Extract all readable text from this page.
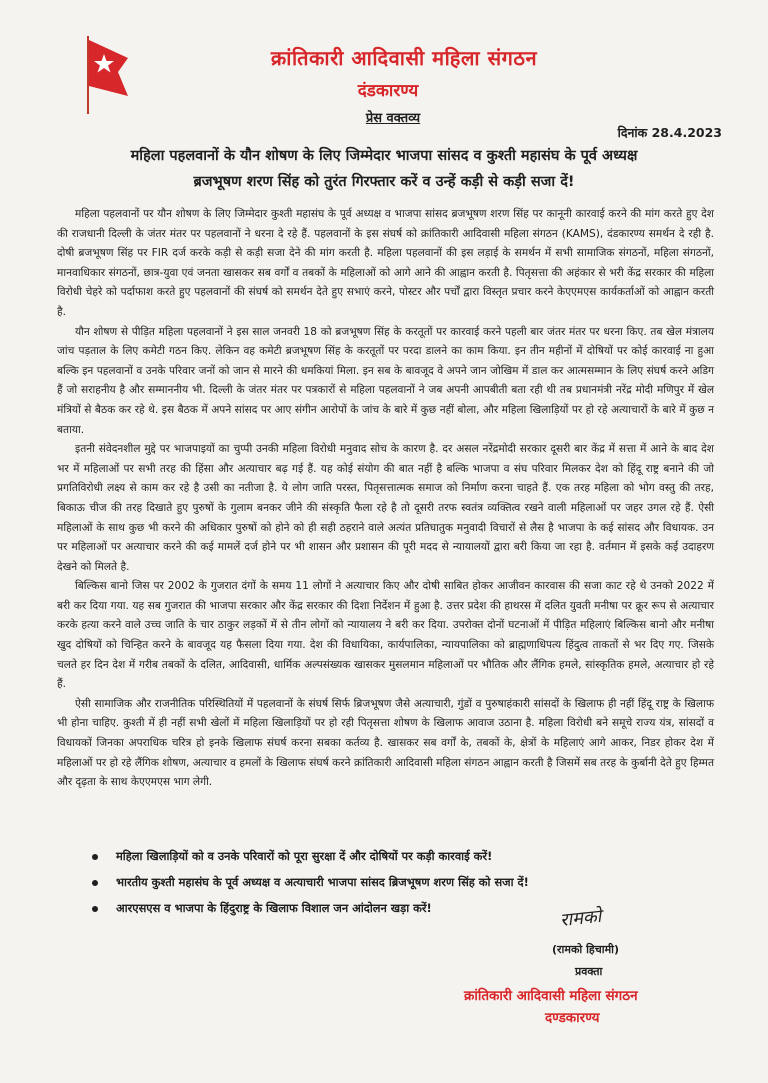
क्रांतिकारी आदिवासी महिला संगठन
दंडकारण्य
प्रेस वक्तव्य
दिनांक 28.4.2023
महिला पहलवानों के यौन शोषण के लिए जिम्मेदार भाजपा सांसद व कुश्ती महासंघ के पूर्व अध्यक्ष
ब्रजभूषण शरण सिंह को तुरंत गिरफ्तार करें व उन्हें कड़ी से कड़ी सजा दें!

महिला पहलवानों पर यौन शोषण के लिए जिम्मेदार कुश्ती महासंघ के पूर्व अध्यक्ष व भाजपा सांसद ब्रजभूषण शरण सिंह पर कानूनी कारवाई करने की मांग करते हुए देश की राजधानी दिल्ली के जंतर मंतर पर पहलवानों ने धरना दे रहे हैं. पहलवानों के इस संघर्ष को क्रांतिकारी आदिवासी महिला संगठन (KAMS), दंडकारण्य समर्थन दे रही है. दोषी ब्रजभूषण सिंह पर FIR दर्ज करके कड़ी से कड़ी सजा देने की मांग करती है. महिला पहलवानों की इस लड़ाई के समर्थन में सभी सामाजिक संगठनों, महिला संगठनों, मानवाधिकार संगठनों, छात्र-युवा एवं जनता खासकर सब वर्गों व तबकों के महिलाओं को आगे आने की आह्वान करती है. पितृसत्ता की अहंकार से भरी केंद्र सरकार की महिला विरोधी चेहरे को पर्दाफाश करते हुए पहलवानों की संघर्ष को समर्थन देते हुए सभाएं करने, पोस्टर और पर्चों द्वारा विस्तृत प्रचार करने केएएमएस कार्यकर्ताओं को आह्वान करती है.

यौन शोषण से पीड़ित महिला पहलवानों ने इस साल जनवरी 18 को ब्रजभूषण सिंह के करतूतों पर कारवाई करने पहली बार जंतर मंतर पर धरना किए. तब खेल मंत्रालय जांच पड़ताल के लिए कमेटी गठन किए. लेकिन वह कमेटी ब्रजभूषण सिंह के करतूतों पर परदा डालने का काम किया. इन तीन महीनों में दोषियों पर कोई कारवाई ना हुआ बल्कि इन पहलवानों व उनके परिवार जनों को जान से मारने की धमकियां मिला. इन सब के बावजूद वे अपने जान जोखिम में डाल कर आत्मसम्मान के लिए संघर्ष करने अडिग हैं जो सराहनीय है और सम्माननीय भी. दिल्ली के जंतर मंतर पर पत्रकारों से महिला पहलवानों ने जब अपनी आपबीती बता रही थी तब प्रधानमंत्री नरेंद्र मोदी मणिपुर में खेल मंत्रियों से बैठक कर रहे थे. इस बैठक में अपने सांसद पर आए संगीन आरोपों के जांच के बारे में कुछ नहीं बोला, और महिला खिलाड़ियों पर हो रहे अत्याचारों के बारे में कुछ न बताया.

इतनी संवेदनशील मुद्दे पर भाजपाइयों का चुप्पी उनकी महिला विरोधी मनुवाद सोच के कारण है. दर असल नरेंद्रमोदी सरकार दूसरी बार केंद्र में सत्ता में आने के बाद देश भर में महिलाओं पर सभी तरह की हिंसा और अत्याचार बढ़ गई हैं. यह कोई संयोग की बात नहीं है बल्कि भाजपा व संघ परिवार मिलकर देश को हिंदू राष्ट्र बनाने की जो प्रगतिविरोधी लक्ष्य से काम कर रहे है उसी का नतीजा है. ये लोग जाति परस्त, पितृसत्तात्मक समाज को निर्माण करना चाहते हैं. एक तरह महिला को भोग वस्तु की तरह, बिकाऊ चीज की तरह दिखाते हुए पुरुषों के गुलाम बनकर जीने की संस्कृति फैला रहे है तो दूसरी तरफ स्वतंत्र व्यक्तित्व रखने वाली महिलाओं पर जहर उगल रहे हैं. ऐसी महिलाओं के साथ कुछ भी करने की अधिकार पुरुषों को होने को ही सही ठहराने वाले अत्यंत प्रतिघातुक मनुवादी विचारों से लैस है भाजपा के कई सांसद और विधायक. उन पर महिलाओं पर अत्याचार करने की कई मामलें दर्ज होने पर भी शासन और प्रशासन की पूरी मदद से न्यायालयों द्वारा बरी किया जा रहा है. वर्तमान में इसके कई उदाहरण देखने को मिलते है.

बिल्किस बानो जिस पर 2002 के गुजरात दंगों के समय 11 लोगों ने अत्याचार किए और दोषी साबित होकर आजीवन कारवास की सजा काट रहे थे उनको 2022 में बरी कर दिया गया. यह सब गुजरात की भाजपा सरकार और केंद्र सरकार की दिशा निर्देशन में हुआ है. उत्तर प्रदेश की हाथरस में दलित युवती मनीषा पर क्रूर रूप से अत्याचार करके हत्या करने वाले उच्च जाति के चार ठाकुर लड़कों में से तीन लोगों को न्यायालय ने बरी कर दिया. उपरोक्त दोनों घटनाओं में पीड़ित महिलाएं बिल्किस बानो और मनीषा खुद दोषियों को चिन्हित करने के बावजूद यह फैसला दिया गया. देश की विधायिका, कार्यपालिका, न्यायपालिका को ब्राह्मणाधिपत्य हिंदुत्व ताकतों से भर दिए गए. जिसके चलते हर दिन देश में गरीब तबकों के दलित, आदिवासी, धार्मिक अल्पसंख्यक खासकर मुसलमान महिलाओं पर भौतिक और लैंगिक हमले, सांस्कृतिक हमले, अत्याचार हो रहे हैं.

ऐसी सामाजिक और राजनीतिक परिस्थितियों में पहलवानों के संघर्ष सिर्फ ब्रिजभूषण जैसे अत्याचारी, गुंडों व पुरुषाहंकारी सांसदों के खिलाफ ही नहीं हिंदू राष्ट्र के खिलाफ भी होना चाहिए. कुश्ती में ही नहीं सभी खेलों में महिला खिलाड़ियों पर हो रही पितृसत्ता शोषण के खिलाफ आवाज उठाना है. महिला विरोधी बने समूचे राज्य यंत्र, सांसदों व विधायकों जिनका अपराधिक चरित्र हो इनके खिलाफ संघर्ष करना सबका कर्तव्य है. खासकर सब वर्गों के, तबकों के, क्षेत्रों के महिलाएं आगे आकर, निडर होकर देश में महिलाओं पर हो रहे लैंगिक शोषण, अत्याचार व हमलों के खिलाफ संघर्ष करने क्रांतिकारी आदिवासी महिला संगठन आह्वान करती है जिसमें सब तरह के कुर्बानी देते हुए हिम्मत और दृढ़ता के साथ केएएमएस भाग लेगी.

महिला खिलाड़ियों को व उनके परिवारों को पूरा सुरक्षा दें और दोषियों पर कड़ी कारवाई करें!
भारतीय कुश्ती महासंघ के पूर्व अध्यक्ष व अत्याचारी भाजपा सांसद ब्रिजभूषण शरण सिंह को सजा दें!
आरएसएस व भाजपा के हिंदुराष्ट्र के खिलाफ विशाल जन आंदोलन खड़ा करें!	रामको
(रामको हिचामी)
प्रवक्ता
क्रांतिकारी आदिवासी महिला संगठन
दण्डकारण्य
